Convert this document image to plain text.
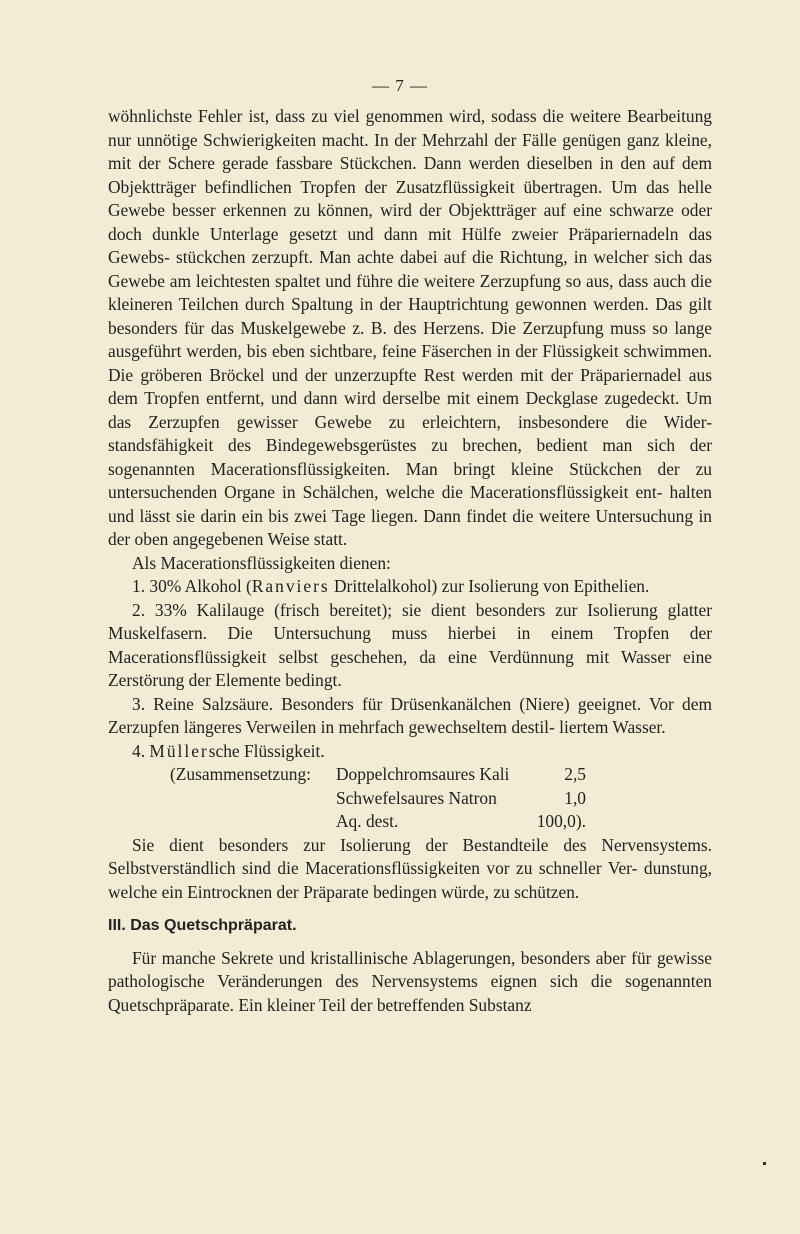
— 7 —

wöhnlichste Fehler ist, dass zu viel genommen wird, sodass die weitere Bearbeitung nur unnötige Schwierigkeiten macht. In der Mehrzahl der Fälle genügen ganz kleine, mit der Schere gerade fassbare Stückchen. Dann werden dieselben in den auf dem Objektträger befindlichen Tropfen der Zusatzflüssigkeit übertragen. Um das helle Gewebe besser erkennen zu können, wird der Objektträger auf eine schwarze oder doch dunkle Unterlage gesetzt und dann mit Hülfe zweier Präpariernadeln das Gewebs- stückchen zerzupft. Man achte dabei auf die Richtung, in welcher sich das Gewebe am leichtesten spaltet und führe die weitere Zerzupfung so aus, dass auch die kleineren Teilchen durch Spaltung in der Hauptrichtung gewonnen werden. Das gilt besonders für das Muskelgewebe z. B. des Herzens. Die Zerzupfung muss so lange ausgeführt werden, bis eben sichtbare, feine Fäserchen in der Flüssigkeit schwimmen. Die gröberen Bröckel und der unzerzupfte Rest werden mit der Präpariernadel aus dem Tropfen entfernt, und dann wird derselbe mit einem Deckglase zugedeckt. Um das Zerzupfen gewisser Gewebe zu erleichtern, insbesondere die Wider- standsfähigkeit des Bindegewebsgerüstes zu brechen, bedient man sich der sogenannten Macerationsflüssigkeiten. Man bringt kleine Stückchen der zu untersuchenden Organe in Schälchen, welche die Macerationsflüssigkeit ent- halten und lässt sie darin ein bis zwei Tage liegen. Dann findet die weitere Untersuchung in der oben angegebenen Weise statt.

Als Macerationsflüssigkeiten dienen:

1. 30% Alkohol (Ranviers Drittelalkohol) zur Isolierung von Epithelien.

2. 33% Kalilauge (frisch bereitet); sie dient besonders zur Isolierung glatter Muskelfasern. Die Untersuchung muss hierbei in einem Tropfen der Macerationsflüssigkeit selbst geschehen, da eine Verdünnung mit Wasser eine Zerstörung der Elemente bedingt.

3. Reine Salzsäure. Besonders für Drüsenkanälchen (Niere) geeignet. Vor dem Zerzupfen längeres Verweilen in mehrfach gewechseltem destil- liertem Wasser.

4. Müllersche Flüssigkeit.

(Zusammensetzung:	Doppelchromsaures Kali	2,5
Schwefelsaures Natron	1,0
Aq. dest.	100,0).

Sie dient besonders zur Isolierung der Bestandteile des Nervensystems. Selbstverständlich sind die Macerationsflüssigkeiten vor zu schneller Ver- dunstung, welche ein Eintrocknen der Präparate bedingen würde, zu schützen.

III. Das Quetschpräparat.

Für manche Sekrete und kristallinische Ablagerungen, besonders aber für gewisse pathologische Veränderungen des Nervensystems eignen sich die sogenannten Quetschpräparate. Ein kleiner Teil der betreffenden Substanz
